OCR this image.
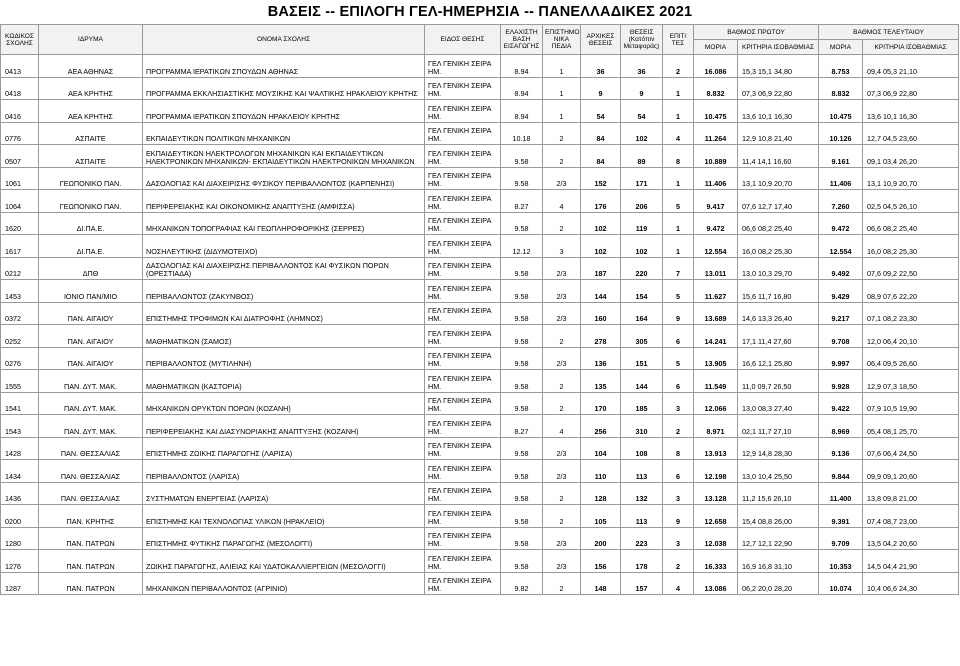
ΒΑΣΕΙΣ -- ΕΠΙΛΟΓΗ ΓΕΛ-ΗΜΕΡΗΣΙΑ -- ΠΑΝΕΛΛΑΔΙΚΕΣ 2021
ΚΩΔΙΚΟΣ ΣΧΟΛΗΣ	ΙΔΡΥΜΑ	ΟΝΟΜΑ ΣΧΟΛΗΣ	ΕΙΔΟΣ ΘΕΣΗΣ	ΕΛΑΧΙΣΤΗ ΒΑΣΗ ΕΙΣΑΓΩΓΗΣ	ΕΠΙΣΤΗΜΟ ΝΙΚΑ ΠΕΔΙΑ	ΑΡΧΙΚΕΣ ΘΕΣΕΙΣ	ΘΕΣΕΙΣ (Κατόπιν Μεταφοράς)	ΕΠΙΤ/ΤΕΣ	ΒΑΘΜΟΣ ΠΡΩΤΟΥ		ΒΑΘΜΟΣ ΤΕΛΕΥΤΑΙΟΥ	
									ΜΟΡΙΑ	ΚΡΙΤΗΡΙΑ ΙΣΟΒΑΘΜΙΑΣ	ΜΟΡΙΑ	ΚΡΙΤΗΡΙΑ ΙΣΟΒΑΘΜΙΑΣ
0413	ΑΕΑ ΑΘΗΝΑΣ	ΠΡΟΓΡΑΜΜΑ ΙΕΡΑΤΙΚΩΝ ΣΠΟΥΔΩΝ ΑΘΗΝΑΣ	ΓΕΛ ΓΕΝΙΚΗ ΣΕΙΡΑ ΗΜ.	8.94	1	36	36	2	16.086	15,3 15,1 34,80	8.753	09,4 05,3 21,10
0418	ΑΕΑ ΚΡΗΤΗΣ	ΠΡΟΓΡΑΜΜΑ ΕΚΚΛΗΣΙΑΣΤΙΚΗΣ ΜΟΥΣΙΚΗΣ ΚΑΙ ΨΑΛΤΙΚΗΣ ΗΡΑΚΛΕΙΟΥ ΚΡΗΤΗΣ	ΓΕΛ ΓΕΝΙΚΗ ΣΕΙΡΑ ΗΜ.	8.94	1	9	9	1	8.832	07,3 06,9 22,80	8.832	07,3 06,9 22,80
0416	ΑΕΑ ΚΡΗΤΗΣ	ΠΡΟΓΡΑΜΜΑ ΙΕΡΑΤΙΚΩΝ ΣΠΟΥΔΩΝ ΗΡΑΚΛΕΙΟΥ ΚΡΗΤΗΣ	ΓΕΛ ΓΕΝΙΚΗ ΣΕΙΡΑ ΗΜ.	8.94	1	54	54	1	10.475	13,6 10,1 16,30	10.475	13,6 10,1 16,30
0776	ΑΣΠΑΙΤΕ	ΕΚΠΑΙΔΕΥΤΙΚΩΝ ΠΟΛΙΤΙΚΩΝ ΜΗΧΑΝΙΚΩΝ	ΓΕΛ ΓΕΝΙΚΗ ΣΕΙΡΑ ΗΜ.	10.18	2	84	102	4	11.264	12,9 10,8 21,40	10.126	12,7 04,5 23,60
0507	ΑΣΠΑΙΤΕ	ΕΚΠΑΙΔΕΥΤΙΚΩΝ ΗΛΕΚΤΡΟΛΟΓΩΝ ΜΗΧΑΝΙΚΩΝ ΚΑΙ ΕΚΠΑΙΔΕΥΤΙΚΩΝ ΗΛΕΚΤΡΟΝΙΚΩΝ ΜΗΧΑΝΙΚΩΝ- ΕΚΠΑΙΔΕΥΤΙΚΩΝ ΗΛΕΚΤΡΟΝΙΚΩΝ ΜΗΧΑΝΙΚΩΝ	ΓΕΛ ΓΕΝΙΚΗ ΣΕΙΡΑ ΗΜ.	9.58	2	84	89	8	10.889	11,4 14,1 16,60	9.161	09,1 03,4 26,20
1061	ΓΕΩΠΟΝΙΚΟ ΠΑΝ.	ΔΑΣΟΛΟΓΙΑΣ ΚΑΙ ΔΙΑΧΕΙΡΙΣΗΣ ΦΥΣΙΚΟΥ ΠΕΡΙΒΑΛΛΟΝΤΟΣ (ΚΑΡΠΕΝΗΣΙ)	ΓΕΛ ΓΕΝΙΚΗ ΣΕΙΡΑ ΗΜ.	9.58	2/3	152	171	1	11.406	13,1 10,9 20,70	11.406	13,1 10,9 20,70
1064	ΓΕΩΠΟΝΙΚΟ ΠΑΝ.	ΠΕΡΙΦΕΡΕΙΑΚΗΣ ΚΑΙ ΟΙΚΟΝΟΜΙΚΗΣ ΑΝΑΠΤΥΞΗΣ (ΑΜΦΙΣΣΑ)	ΓΕΛ ΓΕΝΙΚΗ ΣΕΙΡΑ ΗΜ.	8.27	4	176	206	5	9.417	07,6 12,7 17,40	7.260	02,5 04,5 26,10
1620	ΔΙ.ΠΑ.Ε.	ΜΗΧΑΝΙΚΩΝ ΤΟΠΟΓΡΑΦΙΑΣ ΚΑΙ ΓΕΩΠΛΗΡΟΦΟΡΙΚΗΣ (ΣΕΡΡΕΣ)	ΓΕΛ ΓΕΝΙΚΗ ΣΕΙΡΑ ΗΜ.	9.58	2	102	119	1	9.472	06,6 08,2 25,40	9.472	06,6 08,2 25,40
1617	ΔΙ.ΠΑ.Ε.	ΝΟΣΗΛΕΥΤΙΚΗΣ (ΔΙΔΥΜΟΤΕΙΧΟ)	ΓΕΛ ΓΕΝΙΚΗ ΣΕΙΡΑ ΗΜ.	12.12	3	102	102	1	12.554	16,0 08,2 25,30	12.554	16,0 08,2 25,30
0212	ΔΠΘ	ΔΑΣΟΛΟΓΙΑΣ ΚΑΙ ΔΙΑΧΕΙΡΙΣΗΣ ΠΕΡΙΒΑΛΛΟΝΤΟΣ ΚΑΙ ΦΥΣΙΚΩΝ ΠΟΡΩΝ (ΟΡΕΣΤΙΑΔΑ)	ΓΕΛ ΓΕΝΙΚΗ ΣΕΙΡΑ ΗΜ.	9.58	2/3	187	220	7	13.011	13,0 10,3 29,70	9.492	07,6 09,2 22,50
1453	ΙΟΝΙΟ ΠΑΝ/ΜΙΟ	ΠΕΡΙΒΑΛΛΟΝΤΟΣ (ΖΑΚΥΝΘΟΣ)	ΓΕΛ ΓΕΝΙΚΗ ΣΕΙΡΑ ΗΜ.	9.58	2/3	144	154	5	11.627	15,6 11,7 16,80	9.429	08,9 07,6 22,20
0372	ΠΑΝ. ΑΙΓΑΙΟΥ	ΕΠΙΣΤΗΜΗΣ ΤΡΟΦΙΜΩΝ ΚΑΙ ΔΙΑΤΡΟΦΗΣ (ΛΗΜΝΟΣ)	ΓΕΛ ΓΕΝΙΚΗ ΣΕΙΡΑ ΗΜ.	9.58	2/3	160	164	9	13.689	14,6 13,3 26,40	9.217	07,1 08,2 23,30
0252	ΠΑΝ. ΑΙΓΑΙΟΥ	ΜΑΘΗΜΑΤΙΚΩΝ (ΣΑΜΟΣ)	ΓΕΛ ΓΕΝΙΚΗ ΣΕΙΡΑ ΗΜ.	9.58	2	278	305	6	14.241	17,1 11,4 27,60	9.708	12,0 06,4 20,10
0276	ΠΑΝ. ΑΙΓΑΙΟΥ	ΠΕΡΙΒΑΛΛΟΝΤΟΣ (ΜΥΤΙΛΗΝΗ)	ΓΕΛ ΓΕΝΙΚΗ ΣΕΙΡΑ ΗΜ.	9.58	2/3	136	151	5	13.905	16,6 12,1 25,80	9.997	06,4 09,5 26,60
1555	ΠΑΝ. ΔΥΤ. ΜΑΚ.	ΜΑΘΗΜΑΤΙΚΩΝ (ΚΑΣΤΟΡΙΑ)	ΓΕΛ ΓΕΝΙΚΗ ΣΕΙΡΑ ΗΜ.	9.58	2	135	144	6	11.549	11,0 09,7 26,50	9.928	12,9 07,3 18,50
1541	ΠΑΝ. ΔΥΤ. ΜΑΚ.	ΜΗΧΑΝΙΚΩΝ ΟΡΥΚΤΩΝ ΠΟΡΩΝ (ΚΟΖΑΝΗ)	ΓΕΛ ΓΕΝΙΚΗ ΣΕΙΡΑ ΗΜ.	9.58	2	170	185	3	12.066	13,0 08,3 27,40	9.422	07,9 10,5 19,90
1543	ΠΑΝ. ΔΥΤ. ΜΑΚ.	ΠΕΡΙΦΕΡΕΙΑΚΗΣ ΚΑΙ ΔΙΑΣΥΝΟΡΙΑΚΗΣ ΑΝΑΠΤΥΞΗΣ (ΚΟΖΑΝΗ)	ΓΕΛ ΓΕΝΙΚΗ ΣΕΙΡΑ ΗΜ.	8.27	4	256	310	2	8.971	02,1 11,7 27,10	8.969	05,4 08,1 25,70
1428	ΠΑΝ. ΘΕΣΣΑΛΙΑΣ	ΕΠΙΣΤΗΜΗΣ ΖΩΙΚΗΣ ΠΑΡΑΓΩΓΗΣ (ΛΑΡΙΣΑ)	ΓΕΛ ΓΕΝΙΚΗ ΣΕΙΡΑ ΗΜ.	9.58	2/3	104	108	8	13.913	12,9 14,8 28,30	9.136	07,6 06,4 24,50
1434	ΠΑΝ. ΘΕΣΣΑΛΙΑΣ	ΠΕΡΙΒΑΛΛΟΝΤΟΣ (ΛΑΡΙΣΑ)	ΓΕΛ ΓΕΝΙΚΗ ΣΕΙΡΑ ΗΜ.	9.58	2/3	110	113	6	12.198	13,0 10,4 25,50	9.844	09,9 09,1 20,60
1436	ΠΑΝ. ΘΕΣΣΑΛΙΑΣ	ΣΥΣΤΗΜΑΤΩΝ ΕΝΕΡΓΕΙΑΣ (ΛΑΡΙΣΑ)	ΓΕΛ ΓΕΝΙΚΗ ΣΕΙΡΑ ΗΜ.	9.58	2	128	132	3	13.128	11,2 15,6 26,10	11.400	13,8 09,8 21,00
0200	ΠΑΝ. ΚΡΗΤΗΣ	ΕΠΙΣΤΗΜΗΣ ΚΑΙ ΤΕΧΝΟΛΟΓΙΑΣ ΥΛΙΚΩΝ (ΗΡΑΚΛΕΙΟ)	ΓΕΛ ΓΕΝΙΚΗ ΣΕΙΡΑ ΗΜ.	9.58	2	105	113	9	12.658	15,4 08,8 26,00	9.391	07,4 08,7 23,00
1280	ΠΑΝ. ΠΑΤΡΩΝ	ΕΠΙΣΤΗΜΗΣ ΦΥΤΙΚΗΣ ΠΑΡΑΓΩΓΗΣ (ΜΕΣΟΛΟΓΓΙ)	ΓΕΛ ΓΕΝΙΚΗ ΣΕΙΡΑ ΗΜ.	9.58	2/3	200	223	3	12.038	12,7 12,1 22,90	9.709	13,5 04,2 20,60
1276	ΠΑΝ. ΠΑΤΡΩΝ	ΖΩΙΚΗΣ ΠΑΡΑΓΩΓΗΣ, ΑΛΙΕΙΑΣ ΚΑΙ ΥΔΑΤΟΚΑΛΛΙΕΡΓΕΙΩΝ (ΜΕΣΟΛΟΓΓΙ)	ΓΕΛ ΓΕΝΙΚΗ ΣΕΙΡΑ ΗΜ.	9.58	2/3	156	178	2	16.333	16,9 16,8 31,10	10.353	14,5 04,4 21,90
1287	ΠΑΝ. ΠΑΤΡΩΝ	ΜΗΧΑΝΙΚΩΝ ΠΕΡΙΒΑΛΛΟΝΤΟΣ (ΑΓΡΙΝΙΟ)	ΓΕΛ ΓΕΝΙΚΗ ΣΕΙΡΑ ΗΜ.	9.82	2	148	157	4	13.086	06,2 20,0 28,20	10.074	10,4 06,6 24,30
